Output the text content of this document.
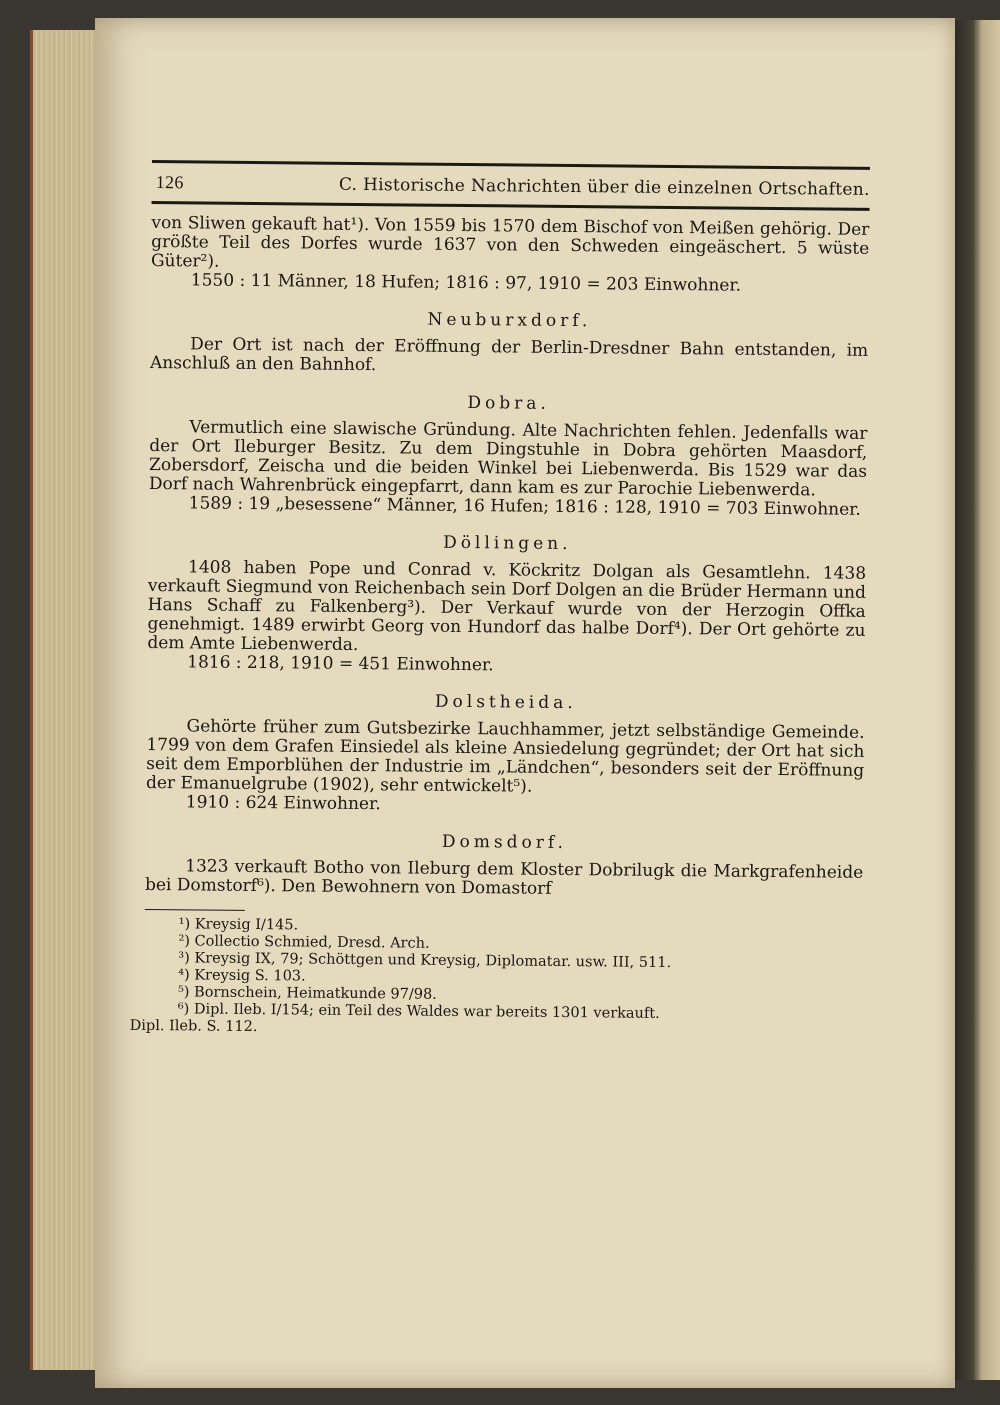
126	C. Historische Nachrichten über die einzelnen Ortschaften.

von Sliwen gekauft hat¹). Von 1559 bis 1570 dem Bischof von Meißen gehörig. Der größte Teil des Dorfes wurde 1637 von den Schweden eingeäschert. 5 wüste Güter²).

1550 : 11 Männer, 18 Hufen; 1816 : 97, 1910 = 203 Einwohner.

Neuburxdorf.

Der Ort ist nach der Eröffnung der Berlin-Dresdner Bahn entstanden, im Anschluß an den Bahnhof.

Dobra.

Vermutlich eine slawische Gründung. Alte Nachrichten fehlen. Jedenfalls war der Ort Ileburger Besitz. Zu dem Dingstuhle in Dobra gehörten Maasdorf, Zobersdorf, Zeischa und die beiden Winkel bei Liebenwerda. Bis 1529 war das Dorf nach Wahrenbrück eingepfarrt, dann kam es zur Parochie Liebenwerda.

1589 : 19 „besessene“ Männer, 16 Hufen; 1816 : 128, 1910 = 703 Einwohner.

Döllingen.

1408 haben Pope und Conrad v. Köckritz Dolgan als Gesamtlehn. 1438 verkauft Siegmund von Reichenbach sein Dorf Dolgen an die Brüder Hermann und Hans Schaff zu Falkenberg³). Der Verkauf wurde von der Herzogin Offka genehmigt. 1489 erwirbt Georg von Hundorf das halbe Dorf⁴). Der Ort gehörte zu dem Amte Liebenwerda.

1816 : 218, 1910 = 451 Einwohner.

Dolstheida.

Gehörte früher zum Gutsbezirke Lauchhammer, jetzt selbständige Gemeinde. 1799 von dem Grafen Einsiedel als kleine Ansiedelung gegründet; der Ort hat sich seit dem Emporblühen der Industrie im „Ländchen“, besonders seit der Eröffnung der Emanuelgrube (1902), sehr entwickelt⁵).

1910 : 624 Einwohner.

Domsdorf.

1323 verkauft Botho von Ileburg dem Kloster Dobrilugk die Markgrafenheide bei Domstorf⁶). Den Bewohnern von Domastorf

¹) Kreysig I/145.

²) Collectio Schmied, Dresd. Arch.

³) Kreysig IX, 79; Schöttgen und Kreysig, Diplomatar. usw. III, 511.

⁴) Kreysig S. 103.

⁵) Bornschein, Heimatkunde 97/98.

⁶) Dipl. Ileb. I/154; ein Teil des Waldes war bereits 1301 verkauft.

Dipl. Ileb. S. 112.
